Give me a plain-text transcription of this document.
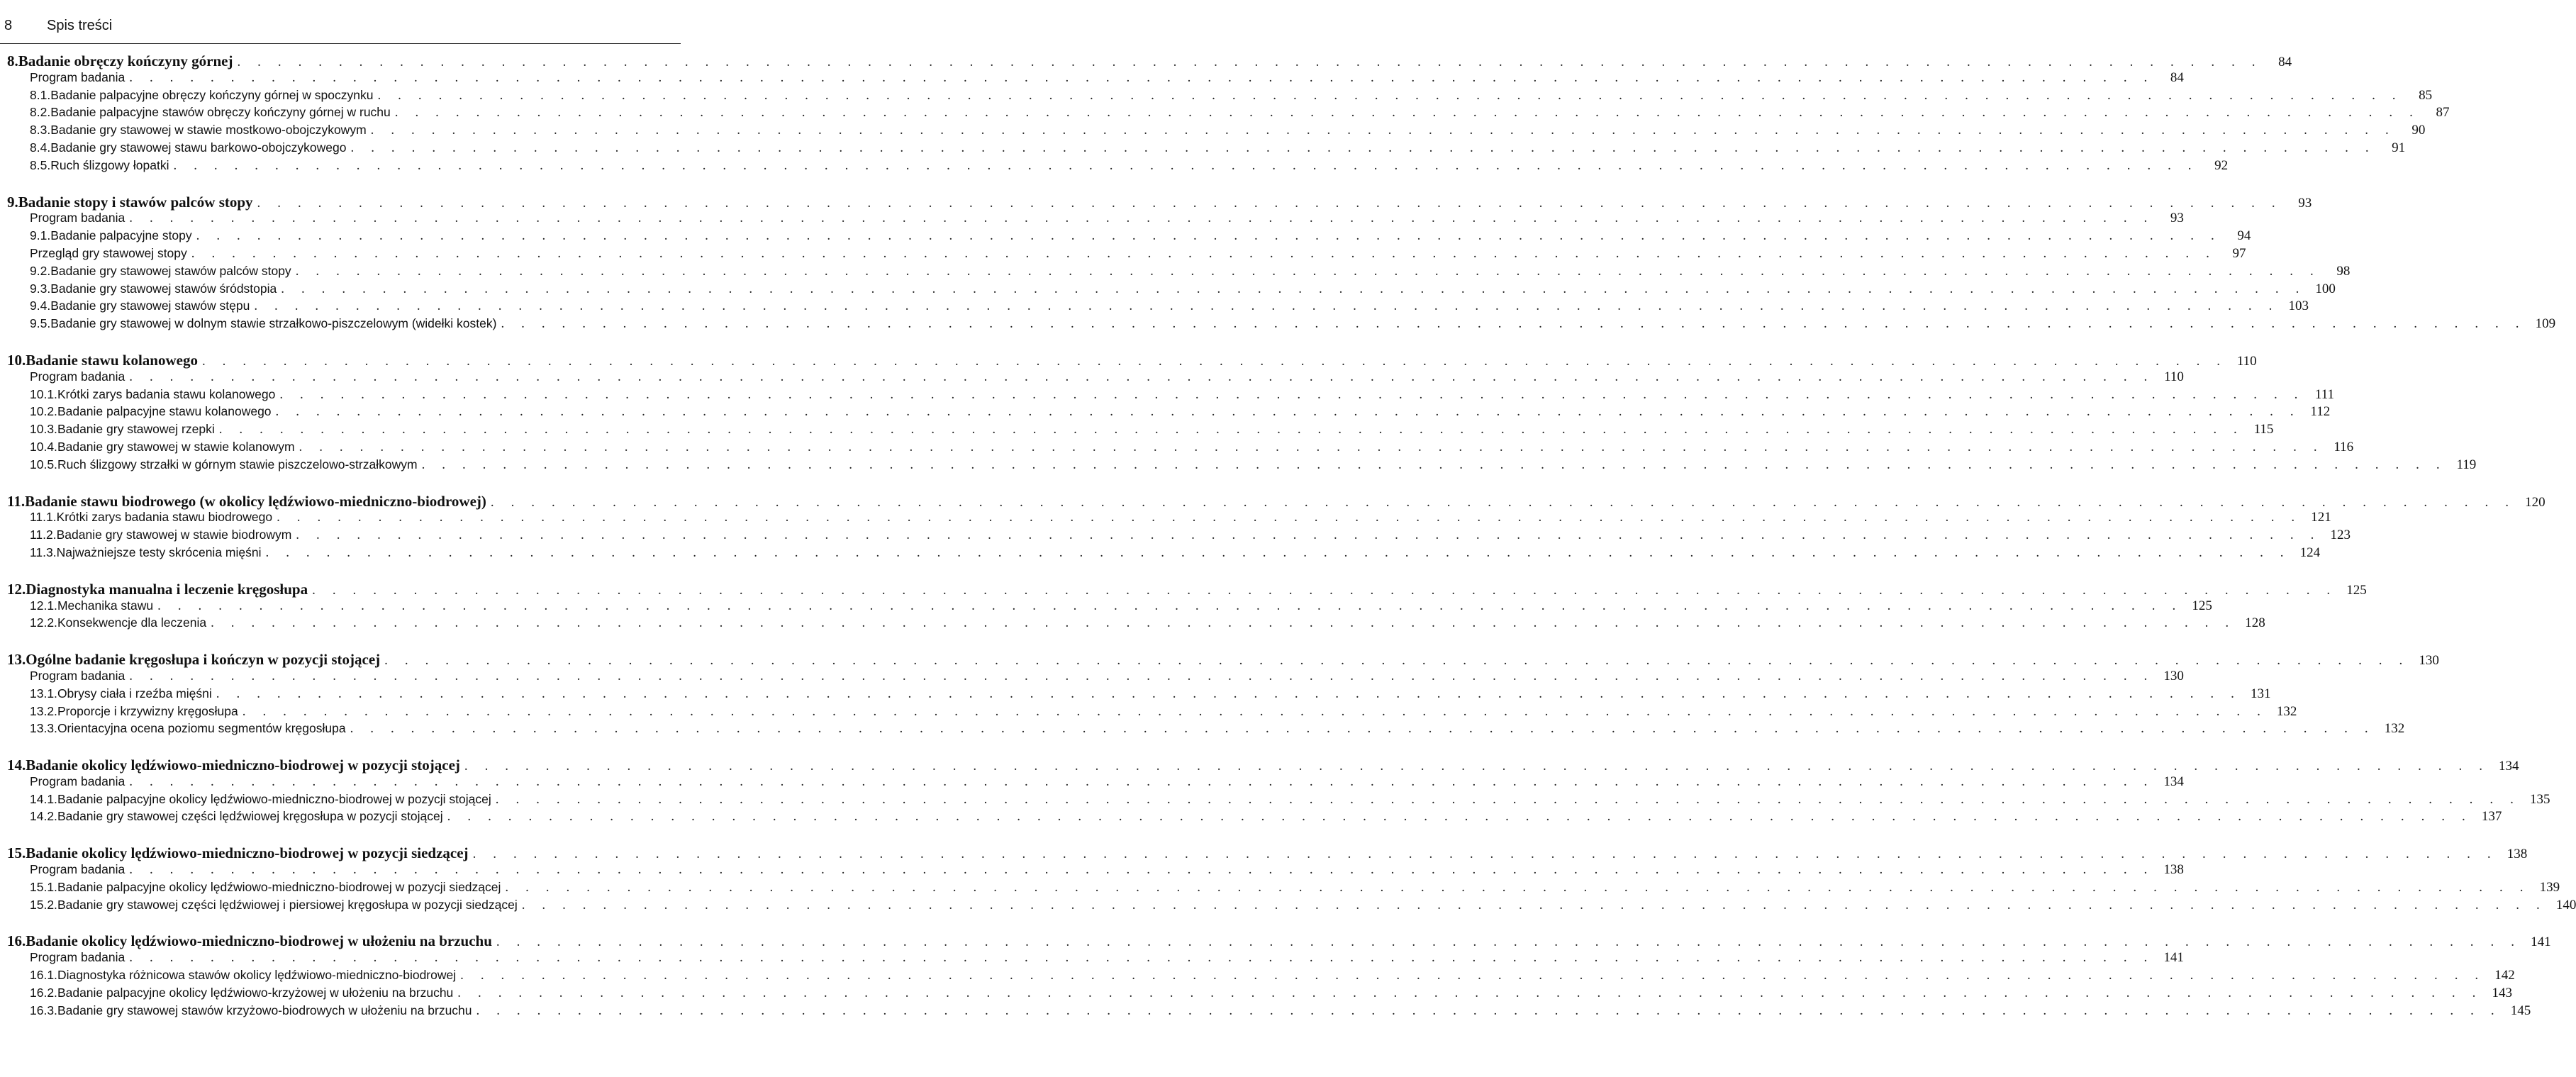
8	Spis treści
8. Badanie obręczy kończyny górnej . . .	84
Program badania . . .	84
8.1. Badanie palpacyjne obręczy kończyny górnej w spoczynku . . .	85
8.2. Badanie palpacyjne stawów obręczy kończyny górnej w ruchu . . .	87
8.3. Badanie gry stawowej w stawie mostkowo-obojczykowym . . .	90
8.4. Badanie gry stawowej stawu barkowo-obojczykowego . . .	91
8.5. Ruch ślizgowy łopatki . . .	92
9. Badanie stopy i stawów palców stopy . . .	93
Program badania . . .	93
9.1. Badanie palpacyjne stopy . . .	94
Przegląd gry stawowej stopy . . .	97
9.2. Badanie gry stawowej stawów palców stopy . . .	98
9.3. Badanie gry stawowej stawów śródstopia . . .	100
9.4. Badanie gry stawowej stawów stępu . . .	103
9.5. Badanie gry stawowej w dolnym stawie strzałkowo-piszczelowym (widełki kostek) . . .	109
10. Badanie stawu kolanowego . . .	110
Program badania . . .	110
10.1. Krótki zarys badania stawu kolanowego . . .	111
10.2. Badanie palpacyjne stawu kolanowego . . .	112
10.3. Badanie gry stawowej rzepki . . .	115
10.4. Badanie gry stawowej w stawie kolanowym . . .	116
10.5. Ruch ślizgowy strzałki w górnym stawie piszczelowo-strzałkowym . . .	119
11. Badanie stawu biodrowego (w okolicy lędźwiowo-miedniczno-biodrowej) . . .	120
11.1. Krótki zarys badania stawu biodrowego . . .	121
11.2. Badanie gry stawowej w stawie biodrowym . . .	123
11.3. Najważniejsze testy skrócenia mięśni . . .	124
12. Diagnostyka manualna i leczenie kręgosłupa . . .	125
12.1. Mechanika stawu . . .	125
12.2. Konsekwencje dla leczenia . . .	128
13. Ogólne badanie kręgosłupa i kończyn w pozycji stojącej . . .	130
Program badania . . .	130
13.1. Obrysy ciała i rzeźba mięśni . . .	131
13.2. Proporcje i krzywizny kręgosłupa . . .	132
13.3. Orientacyjna ocena poziomu segmentów kręgosłupa . . .	132
14. Badanie okolicy lędźwiowo-miedniczno-biodrowej w pozycji stojącej . . .	134
Program badania . . .	134
14.1. Badanie palpacyjne okolicy lędźwiowo-miedniczno-biodrowej w pozycji stojącej . . .	135
14.2. Badanie gry stawowej części lędźwiowej kręgosłupa w pozycji stojącej . . .	137
15. Badanie okolicy lędźwiowo-miedniczno-biodrowej w pozycji siedzącej . . .	138
Program badania . . .	138
15.1. Badanie palpacyjne okolicy lędźwiowo-miedniczno-biodrowej w pozycji siedzącej . . .	139
15.2. Badanie gry stawowej części lędźwiowej i piersiowej kręgosłupa w pozycji siedzącej . . .	140
16. Badanie okolicy lędźwiowo-miedniczno-biodrowej w ułożeniu na brzuchu . . .	141
Program badania . . .	141
16.1. Diagnostyka różnicowa stawów okolicy lędźwiowo-miedniczno-biodrowej . . .	142
16.2. Badanie palpacyjne okolicy lędźwiowo-krzyżowej w ułożeniu na brzuchu . . .	143
16.3. Badanie gry stawowej stawów krzyżowo-biodrowych w ułożeniu na brzuchu . . .	145
